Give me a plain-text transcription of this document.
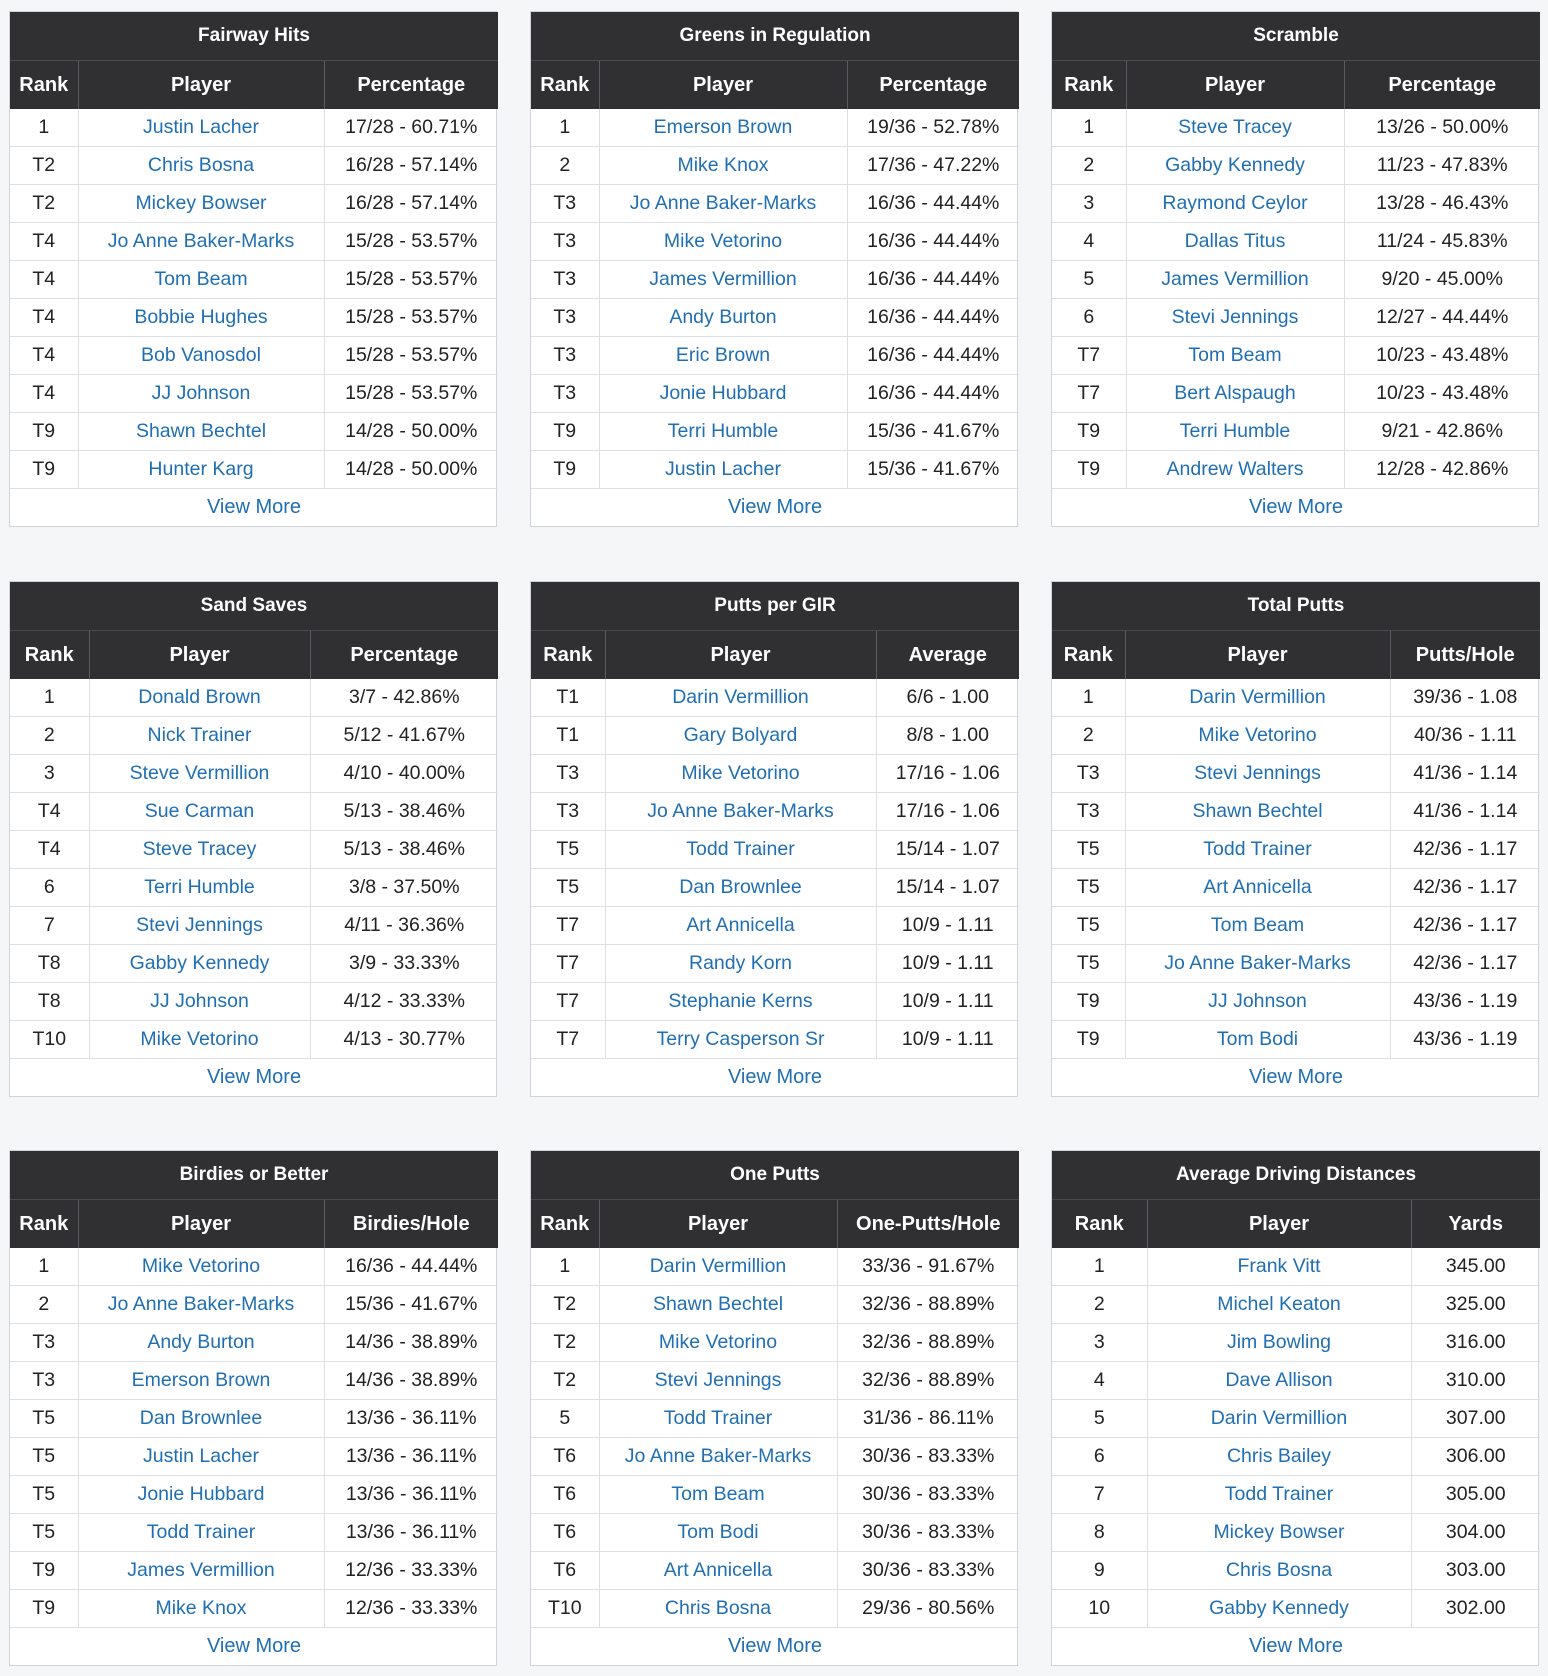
Fairway Hits		
Rank	Player	Percentage
1	Justin Lacher	17/28 - 60.71%
T2	Chris Bosna	16/28 - 57.14%
T2	Mickey Bowser	16/28 - 57.14%
T4	Jo Anne Baker-Marks	15/28 - 53.57%
T4	Tom Beam	15/28 - 53.57%
T4	Bobbie Hughes	15/28 - 53.57%
T4	Bob Vanosdol	15/28 - 53.57%
T4	JJ Johnson	15/28 - 53.57%
T9	Shawn Bechtel	14/28 - 50.00%
T9	Hunter Karg	14/28 - 50.00%
View More		
Greens in Regulation		
Rank	Player	Percentage
1	Emerson Brown	19/36 - 52.78%
2	Mike Knox	17/36 - 47.22%
T3	Jo Anne Baker-Marks	16/36 - 44.44%
T3	Mike Vetorino	16/36 - 44.44%
T3	James Vermillion	16/36 - 44.44%
T3	Andy Burton	16/36 - 44.44%
T3	Eric Brown	16/36 - 44.44%
T3	Jonie Hubbard	16/36 - 44.44%
T9	Terri Humble	15/36 - 41.67%
T9	Justin Lacher	15/36 - 41.67%
View More		
Scramble		
Rank	Player	Percentage
1	Steve Tracey	13/26 - 50.00%
2	Gabby Kennedy	11/23 - 47.83%
3	Raymond Ceylor	13/28 - 46.43%
4	Dallas Titus	11/24 - 45.83%
5	James Vermillion	9/20 - 45.00%
6	Stevi Jennings	12/27 - 44.44%
T7	Tom Beam	10/23 - 43.48%
T7	Bert Alspaugh	10/23 - 43.48%
T9	Terri Humble	9/21 - 42.86%
T9	Andrew Walters	12/28 - 42.86%
View More		
Sand Saves		
Rank	Player	Percentage
1	Donald Brown	3/7 - 42.86%
2	Nick Trainer	5/12 - 41.67%
3	Steve Vermillion	4/10 - 40.00%
T4	Sue Carman	5/13 - 38.46%
T4	Steve Tracey	5/13 - 38.46%
6	Terri Humble	3/8 - 37.50%
7	Stevi Jennings	4/11 - 36.36%
T8	Gabby Kennedy	3/9 - 33.33%
T8	JJ Johnson	4/12 - 33.33%
T10	Mike Vetorino	4/13 - 30.77%
View More		
Putts per GIR		
Rank	Player	Average
T1	Darin Vermillion	6/6 - 1.00
T1	Gary Bolyard	8/8 - 1.00
T3	Mike Vetorino	17/16 - 1.06
T3	Jo Anne Baker-Marks	17/16 - 1.06
T5	Todd Trainer	15/14 - 1.07
T5	Dan Brownlee	15/14 - 1.07
T7	Art Annicella	10/9 - 1.11
T7	Randy Korn	10/9 - 1.11
T7	Stephanie Kerns	10/9 - 1.11
T7	Terry Casperson Sr	10/9 - 1.11
View More		
Total Putts		
Rank	Player	Putts/Hole
1	Darin Vermillion	39/36 - 1.08
2	Mike Vetorino	40/36 - 1.11
T3	Stevi Jennings	41/36 - 1.14
T3	Shawn Bechtel	41/36 - 1.14
T5	Todd Trainer	42/36 - 1.17
T5	Art Annicella	42/36 - 1.17
T5	Tom Beam	42/36 - 1.17
T5	Jo Anne Baker-Marks	42/36 - 1.17
T9	JJ Johnson	43/36 - 1.19
T9	Tom Bodi	43/36 - 1.19
View More		
Birdies or Better		
Rank	Player	Birdies/Hole
1	Mike Vetorino	16/36 - 44.44%
2	Jo Anne Baker-Marks	15/36 - 41.67%
T3	Andy Burton	14/36 - 38.89%
T3	Emerson Brown	14/36 - 38.89%
T5	Dan Brownlee	13/36 - 36.11%
T5	Justin Lacher	13/36 - 36.11%
T5	Jonie Hubbard	13/36 - 36.11%
T5	Todd Trainer	13/36 - 36.11%
T9	James Vermillion	12/36 - 33.33%
T9	Mike Knox	12/36 - 33.33%
View More		
One Putts		
Rank	Player	One-Putts/Hole
1	Darin Vermillion	33/36 - 91.67%
T2	Shawn Bechtel	32/36 - 88.89%
T2	Mike Vetorino	32/36 - 88.89%
T2	Stevi Jennings	32/36 - 88.89%
5	Todd Trainer	31/36 - 86.11%
T6	Jo Anne Baker-Marks	30/36 - 83.33%
T6	Tom Beam	30/36 - 83.33%
T6	Tom Bodi	30/36 - 83.33%
T6	Art Annicella	30/36 - 83.33%
T10	Chris Bosna	29/36 - 80.56%
View More		
Average Driving Distances		
Rank	Player	Yards
1	Frank Vitt	345.00
2	Michel Keaton	325.00
3	Jim Bowling	316.00
4	Dave Allison	310.00
5	Darin Vermillion	307.00
6	Chris Bailey	306.00
7	Todd Trainer	305.00
8	Mickey Bowser	304.00
9	Chris Bosna	303.00
10	Gabby Kennedy	302.00
View More		
